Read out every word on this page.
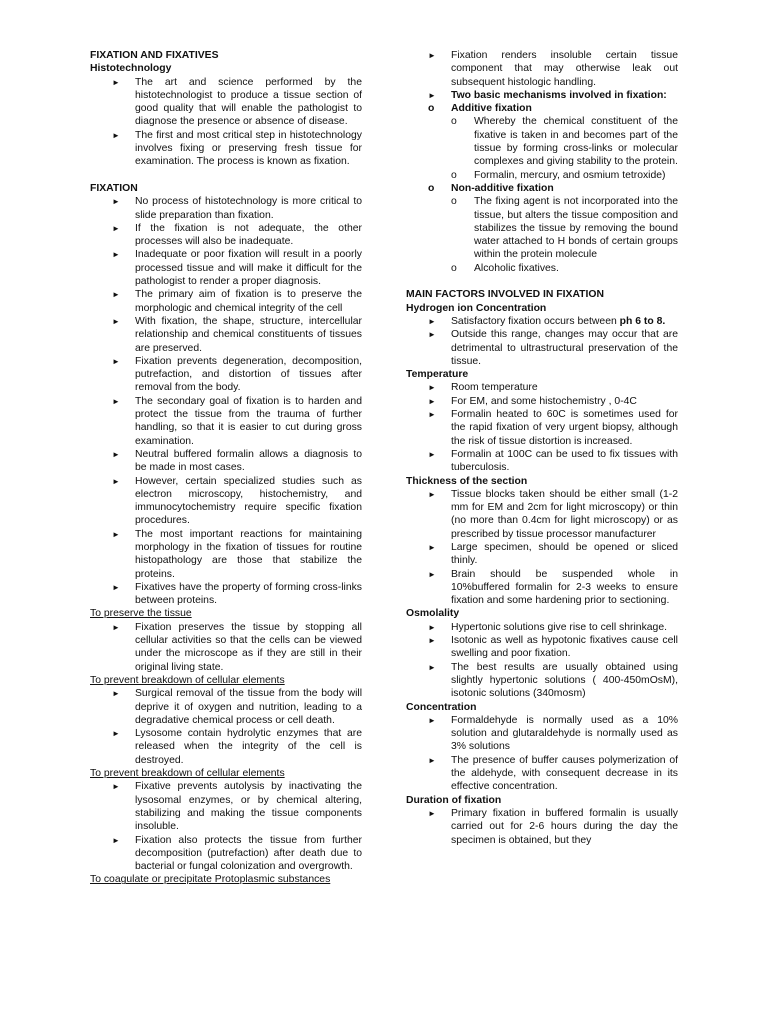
FIXATION AND FIXATIVES
Histotechnology
► The art and science performed by the histotechnologist to produce a tissue section of good quality that will enable the pathologist to diagnose the presence or absence of disease.
► The first and most critical step in histotechnology involves fixing or preserving fresh tissue for examination. The process is known as fixation.
FIXATION
► No process of histotechnology is more critical to slide preparation than fixation.
► If the fixation is not adequate, the other processes will also be inadequate.
► Inadequate or poor fixation will result in a poorly processed tissue and will make it difficult for the pathologist to render a proper diagnosis.
► The primary aim of fixation is to preserve the morphologic and chemical integrity of the cell
► With fixation, the shape, structure, intercellular relationship and chemical constituents of tissues are preserved.
► Fixation prevents degeneration, decomposition, putrefaction, and distortion of tissues after removal from the body.
► The secondary goal of fixation is to harden and protect the tissue from the trauma of further handling, so that it is easier to cut during gross examination.
► Neutral buffered formalin allows a diagnosis to be made in most cases.
► However, certain specialized studies such as electron microscopy, histochemistry, and immunocytochemistry require specific fixation procedures.
► The most important reactions for maintaining morphology in the fixation of tissues for routine histopathology are those that stabilize the proteins.
► Fixatives have the property of forming cross-links between proteins.
To preserve the tissue
► Fixation preserves the tissue by stopping all cellular activities so that the cells can be viewed under the microscope as if they are still in their original living state.
To prevent breakdown of cellular elements
► Surgical removal of the tissue from the body will deprive it of oxygen and nutrition, leading to a degradative chemical process or cell death.
► Lysosome contain hydrolytic enzymes that are released when the integrity of the cell is destroyed.
To prevent breakdown of cellular elements
► Fixative prevents autolysis by inactivating the lysosomal enzymes, or by chemical altering, stabilizing and making the tissue components insoluble.
► Fixation also protects the tissue from further decomposition (putrefaction) after death due to bacterial or fungal colonization and overgrowth.
To coagulate or precipitate Protoplasmic substances
► Fixation renders insoluble certain tissue component that may otherwise leak out subsequent histologic handling.
► Two basic mechanisms involved in fixation:
o Additive fixation
o Whereby the chemical constituent of the fixative is taken in and becomes part of the tissue by forming cross-links or molecular complexes and giving stability to the protein.
o Formalin, mercury, and osmium tetroxide)
o Non-additive fixation
o The fixing agent is not incorporated into the tissue, but alters the tissue composition and stabilizes the tissue by removing the bound water attached to H bonds of certain groups within the protein molecule
o Alcoholic fixatives.
MAIN FACTORS INVOLVED IN FIXATION
Hydrogen ion Concentration
► Satisfactory fixation occurs between ph 6 to 8.
► Outside this range, changes may occur that are detrimental to ultrastructural preservation of the tissue.
Temperature
► Room temperature
► For EM, and some histochemistry , 0-4C
► Formalin heated to 60C is sometimes used for the rapid fixation of very urgent biopsy, although the risk of tissue distortion is increased.
► Formalin at 100C can be used to fix tissues with tuberculosis.
Thickness of the section
► Tissue blocks taken should be either small (1-2 mm for EM and 2cm for light microscopy) or thin (no more than 0.4cm for light microscopy) or as prescribed by tissue processor manufacturer
► Large specimen, should be opened or sliced thinly.
► Brain should be suspended whole in 10%buffered formalin for 2-3 weeks to ensure fixation and some hardening prior to sectioning.
Osmolality
► Hypertonic solutions give rise to cell shrinkage.
► Isotonic as well as hypotonic fixatives cause cell swelling and poor fixation.
► The best results are usually obtained using slightly hypertonic solutions ( 400-450mOsM), isotonic solutions (340mosm)
Concentration
► Formaldehyde is normally used as a 10% solution and glutaraldehyde is normally used as 3% solutions
► The presence of buffer causes polymerization of the aldehyde, with consequent decrease in its effective concentration.
Duration of fixation
► Primary fixation in buffered formalin is usually carried out for 2-6 hours during the day the specimen is obtained, but they
